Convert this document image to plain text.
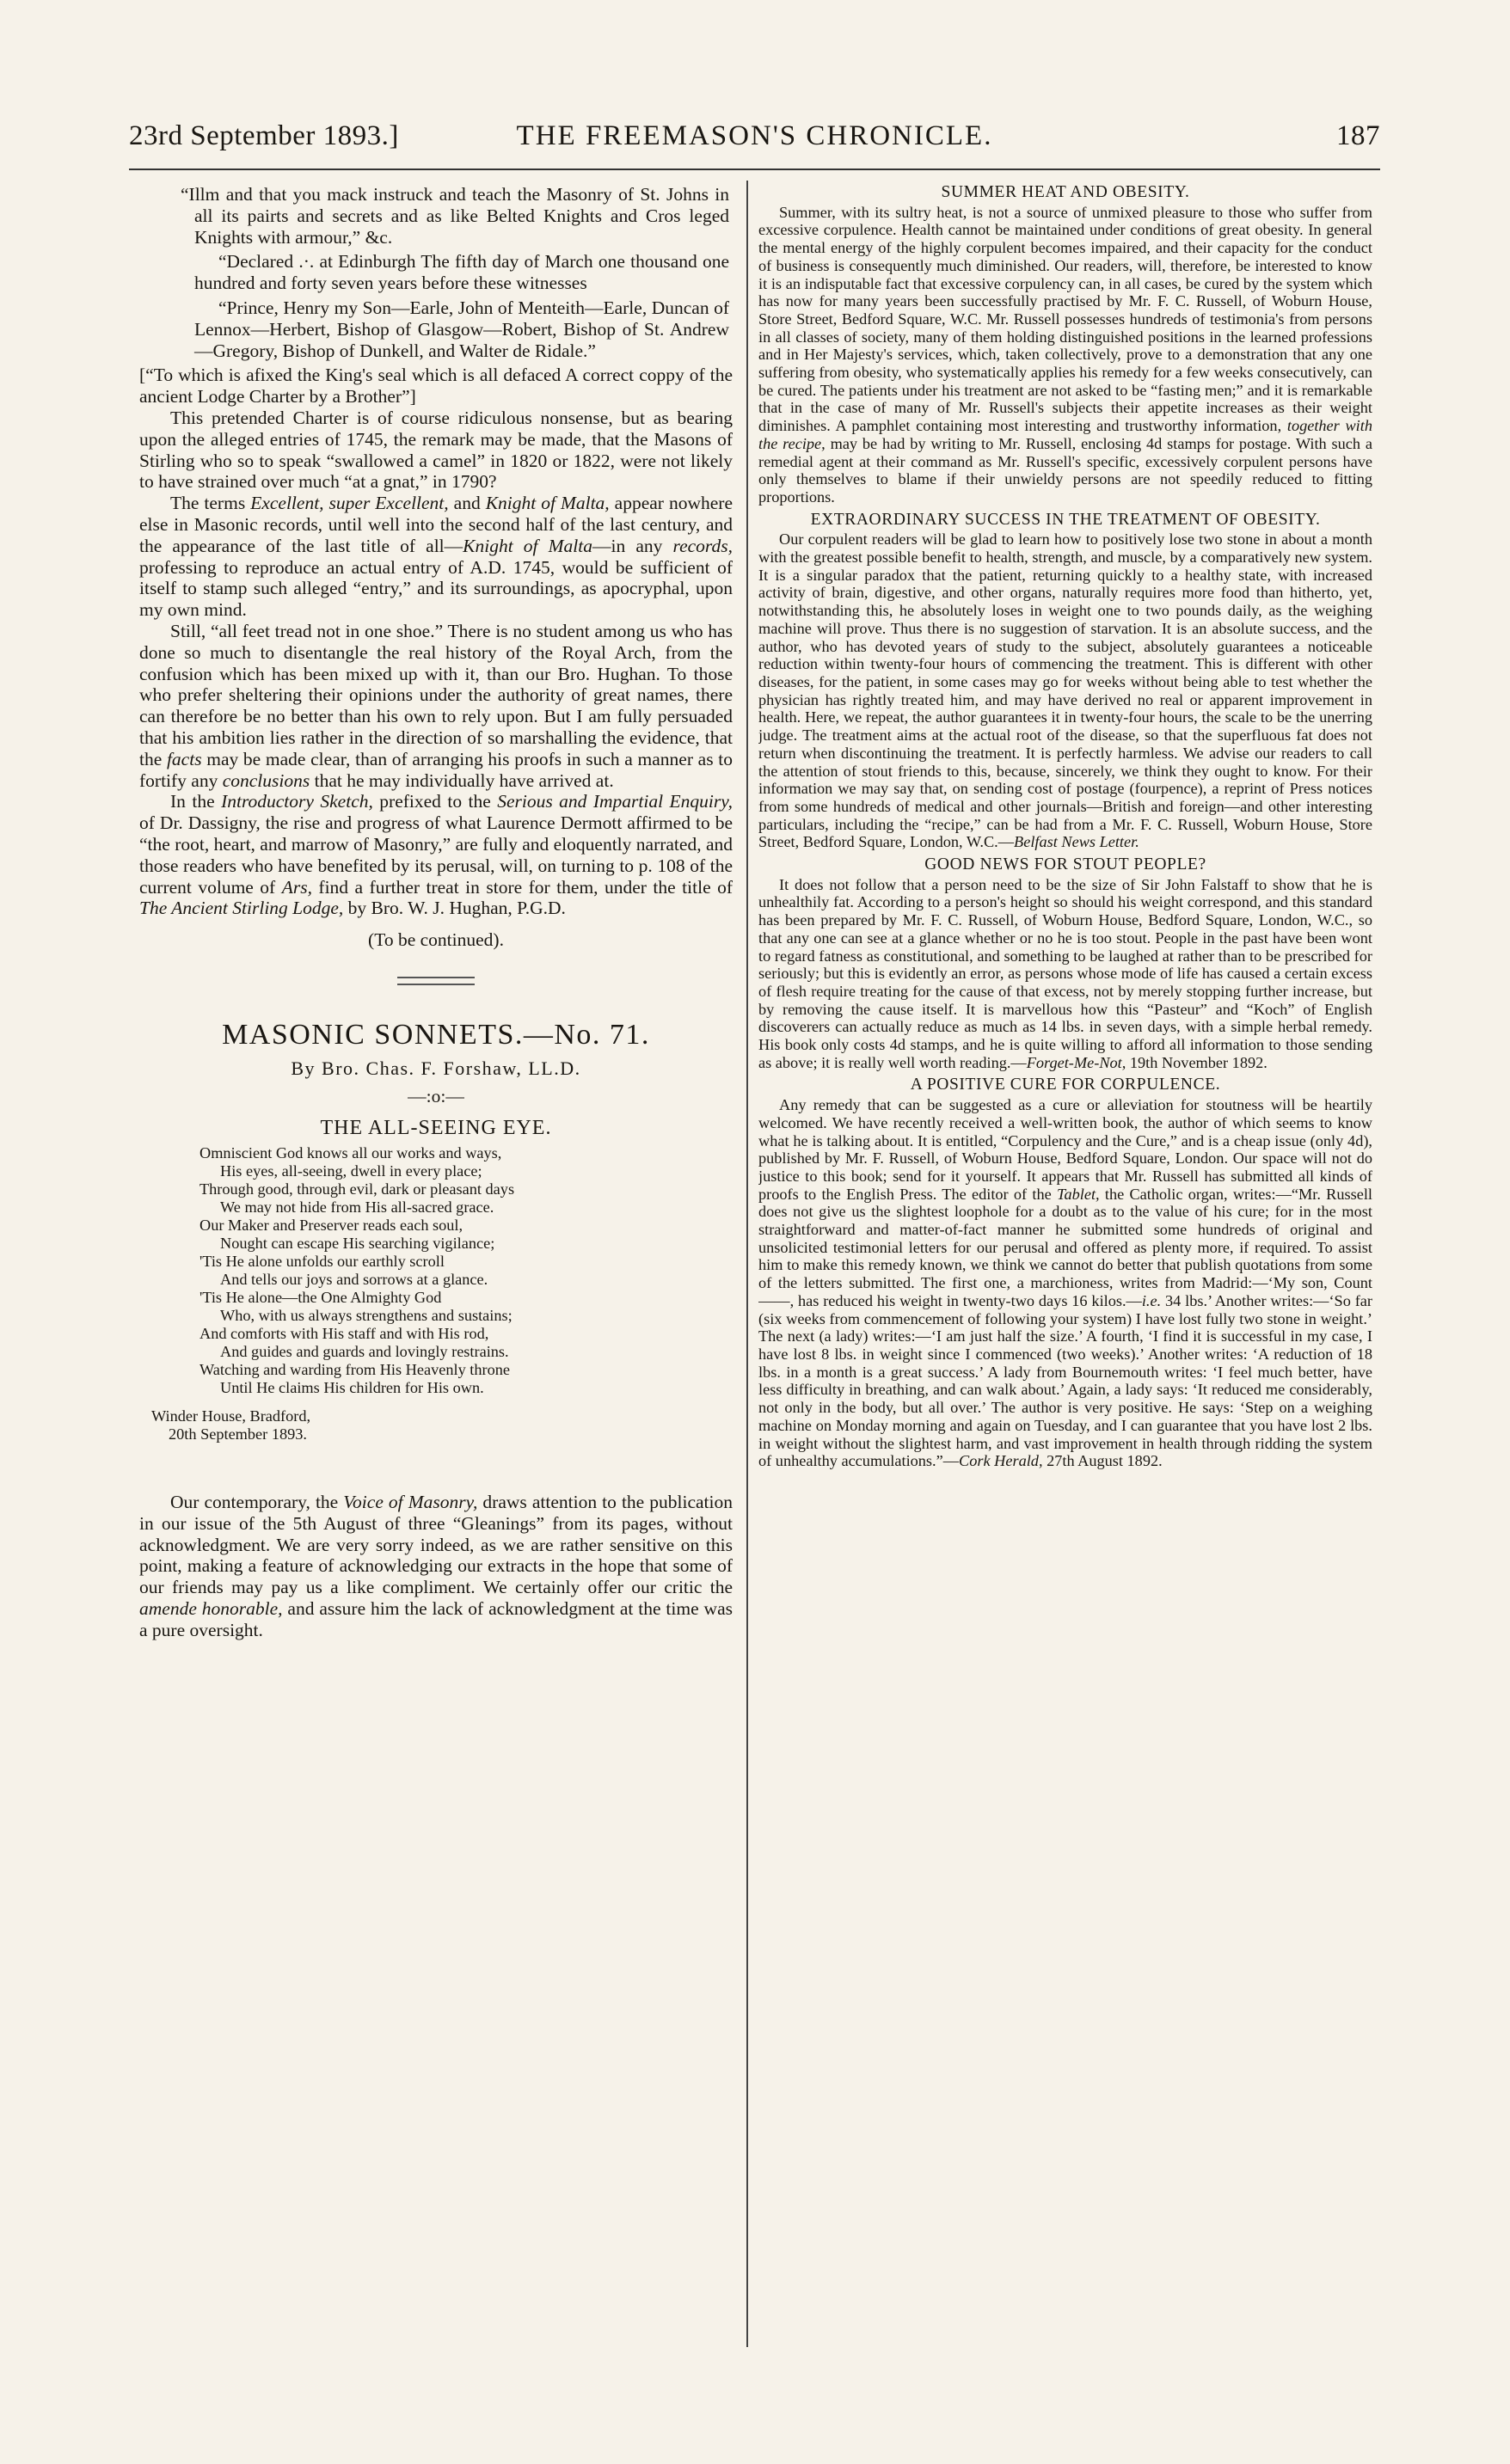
23rd September 1893.]	THE FREEMASON'S CHRONICLE.	187

“Illm and that you mack instruck and teach the Masonry of St. Johns in all its pairts and secrets and as like Belted Knights and Cros leged Knights with armour,” &c.

“Declared .·. at Edinburgh The fifth day of March one thousand one hundred and forty seven years before these witnesses

“Prince, Henry my Son—Earle, John of Menteith—Earle, Duncan of Lennox—Herbert, Bishop of Glasgow—Robert, Bishop of St. Andrew—Gregory, Bishop of Dunkell, and Walter de Ridale.”

[“To which is afixed the King's seal which is all defaced A correct coppy of the ancient Lodge Charter by a Brother”]

This pretended Charter is of course ridiculous nonsense, but as bearing upon the alleged entries of 1745, the remark may be made, that the Masons of Stirling who so to speak “swallowed a camel” in 1820 or 1822, were not likely to have strained over much “at a gnat,” in 1790?

The terms Excellent, super Excellent, and Knight of Malta, appear nowhere else in Masonic records, until well into the second half of the last century, and the appearance of the last title of all—Knight of Malta—in any records, professing to reproduce an actual entry of A.D. 1745, would be sufficient of itself to stamp such alleged “entry,” and its surroundings, as apocryphal, upon my own mind.

Still, “all feet tread not in one shoe.” There is no student among us who has done so much to disentangle the real history of the Royal Arch, from the confusion which has been mixed up with it, than our Bro. Hughan. To those who prefer sheltering their opinions under the authority of great names, there can therefore be no better than his own to rely upon. But I am fully persuaded that his ambition lies rather in the direction of so marshalling the evidence, that the facts may be made clear, than of arranging his proofs in such a manner as to fortify any conclusions that he may individually have arrived at.

In the Introductory Sketch, prefixed to the Serious and Impartial Enquiry, of Dr. Dassigny, the rise and progress of what Laurence Dermott affirmed to be “the root, heart, and marrow of Masonry,” are fully and eloquently narrated, and those readers who have benefited by its perusal, will, on turning to p. 108 of the current volume of Ars, find a further treat in store for them, under the title of The Ancient Stirling Lodge, by Bro. W. J. Hughan, P.G.D.

(To be continued).

MASONIC SONNETS.—No. 71.
By Bro. Chas. F. Forshaw, LL.D.
—:o:—
THE ALL-SEEING EYE.
Omniscient God knows all our works and ways,
His eyes, all-seeing, dwell in every place;
Through good, through evil, dark or pleasant days
We may not hide from His all-sacred grace.
Our Maker and Preserver reads each soul,
Nought can escape His searching vigilance;
'Tis He alone unfolds our earthly scroll
And tells our joys and sorrows at a glance.
'Tis He alone—the One Almighty God
Who, with us always strengthens and sustains;
And comforts with His staff and with His rod,
And guides and guards and lovingly restrains.
Watching and warding from His Heavenly throne
Until He claims His children for His own.
Winder House, Bradford,
20th September 1893.

Our contemporary, the Voice of Masonry, draws attention to the publication in our issue of the 5th August of three “Gleanings” from its pages, without acknowledgment. We are very sorry indeed, as we are rather sensitive on this point, making a feature of acknowledging our extracts in the hope that some of our friends may pay us a like compliment. We certainly offer our critic the amende honorable, and assure him the lack of acknowledgment at the time was a pure oversight.

SUMMER HEAT AND OBESITY.

Summer, with its sultry heat, is not a source of unmixed pleasure to those who suffer from excessive corpulence. Health cannot be maintained under conditions of great obesity. In general the mental energy of the highly corpulent becomes impaired, and their capacity for the conduct of business is consequently much diminished. Our readers, will, therefore, be interested to know it is an indisputable fact that excessive corpulency can, in all cases, be cured by the system which has now for many years been successfully practised by Mr. F. C. Russell, of Woburn House, Store Street, Bedford Square, W.C. Mr. Russell possesses hundreds of testimonia's from persons in all classes of society, many of them holding distinguished positions in the learned professions and in Her Majesty's services, which, taken collectively, prove to a demonstration that any one suffering from obesity, who systematically applies his remedy for a few weeks consecutively, can be cured. The patients under his treatment are not asked to be “fasting men;” and it is remarkable that in the case of many of Mr. Russell's subjects their appetite increases as their weight diminishes. A pamphlet containing most interesting and trustworthy information, together with the recipe, may be had by writing to Mr. Russell, enclosing 4d stamps for postage. With such a remedial agent at their command as Mr. Russell's specific, excessively corpulent persons have only themselves to blame if their unwieldy persons are not speedily reduced to fitting proportions.

EXTRAORDINARY SUCCESS IN THE TREATMENT OF OBESITY.

Our corpulent readers will be glad to learn how to positively lose two stone in about a month with the greatest possible benefit to health, strength, and muscle, by a comparatively new system. It is a singular paradox that the patient, returning quickly to a healthy state, with increased activity of brain, digestive, and other organs, naturally requires more food than hitherto, yet, notwithstanding this, he absolutely loses in weight one to two pounds daily, as the weighing machine will prove. Thus there is no suggestion of starvation. It is an absolute success, and the author, who has devoted years of study to the subject, absolutely guarantees a noticeable reduction within twenty-four hours of commencing the treatment. This is different with other diseases, for the patient, in some cases may go for weeks without being able to test whether the physician has rightly treated him, and may have derived no real or apparent improvement in health. Here, we repeat, the author guarantees it in twenty-four hours, the scale to be the unerring judge. The treatment aims at the actual root of the disease, so that the superfluous fat does not return when discontinuing the treatment. It is perfectly harmless. We advise our readers to call the attention of stout friends to this, because, sincerely, we think they ought to know. For their information we may say that, on sending cost of postage (fourpence), a reprint of Press notices from some hundreds of medical and other journals—British and foreign—and other interesting particulars, including the “recipe,” can be had from a Mr. F. C. Russell, Woburn House, Store Street, Bedford Square, London, W.C.—Belfast News Letter.

GOOD NEWS FOR STOUT PEOPLE?

It does not follow that a person need to be the size of Sir John Falstaff to show that he is unhealthily fat. According to a person's height so should his weight correspond, and this standard has been prepared by Mr. F. C. Russell, of Woburn House, Bedford Square, London, W.C., so that any one can see at a glance whether or no he is too stout. People in the past have been wont to regard fatness as constitutional, and something to be laughed at rather than to be prescribed for seriously; but this is evidently an error, as persons whose mode of life has caused a certain excess of flesh require treating for the cause of that excess, not by merely stopping further increase, but by removing the cause itself. It is marvellous how this “Pasteur” and “Koch” of English discoverers can actually reduce as much as 14 lbs. in seven days, with a simple herbal remedy. His book only costs 4d stamps, and he is quite willing to afford all information to those sending as above; it is really well worth reading.—Forget-Me-Not, 19th November 1892.

A POSITIVE CURE FOR CORPULENCE.

Any remedy that can be suggested as a cure or alleviation for stoutness will be heartily welcomed. We have recently received a well-written book, the author of which seems to know what he is talking about. It is entitled, “Corpulency and the Cure,” and is a cheap issue (only 4d), published by Mr. F. Russell, of Woburn House, Bedford Square, London. Our space will not do justice to this book; send for it yourself. It appears that Mr. Russell has submitted all kinds of proofs to the English Press. The editor of the Tablet, the Catholic organ, writes:—“Mr. Russell does not give us the slightest loophole for a doubt as to the value of his cure; for in the most straightforward and matter-of-fact manner he submitted some hundreds of original and unsolicited testimonial letters for our perusal and offered as plenty more, if required. To assist him to make this remedy known, we think we cannot do better that publish quotations from some of the letters submitted. The first one, a marchioness, writes from Madrid:—‘My son, Count——, has reduced his weight in twenty-two days 16 kilos.—i.e. 34 lbs.’ Another writes:—‘So far (six weeks from commencement of following your system) I have lost fully two stone in weight.’ The next (a lady) writes:—‘I am just half the size.’ A fourth, ‘I find it is successful in my case, I have lost 8 lbs. in weight since I commenced (two weeks).’ Another writes: ‘A reduction of 18 lbs. in a month is a great success.’ A lady from Bournemouth writes: ‘I feel much better, have less difficulty in breathing, and can walk about.’ Again, a lady says: ‘It reduced me considerably, not only in the body, but all over.’ The author is very positive. He says: ‘Step on a weighing machine on Monday morning and again on Tuesday, and I can guarantee that you have lost 2 lbs. in weight without the slightest harm, and vast improvement in health through ridding the system of unhealthy accumulations.”—Cork Herald, 27th August 1892.
